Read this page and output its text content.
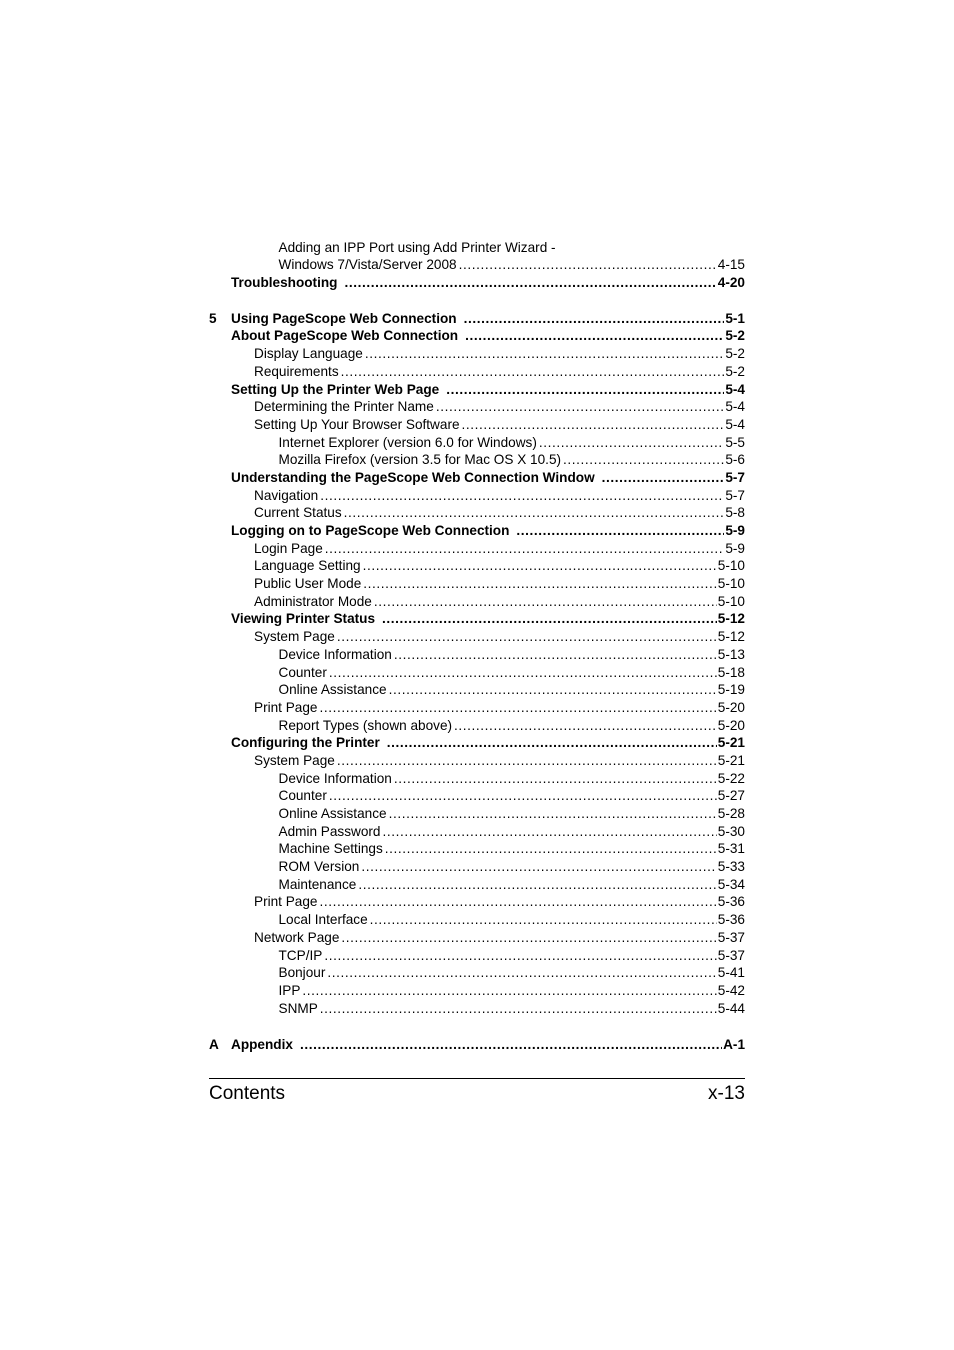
Adding an IPP Port using Add Printer Wizard -
Windows 7/Vista/Server 2008 .....	4-15
Troubleshooting .....	4-20
5 Using PageScope Web Connection .....	5-1
About PageScope Web Connection .....	5-2
Display Language .....	5-2
Requirements .....	5-2
Setting Up the Printer Web Page .....	5-4
Determining the Printer Name .....	5-4
Setting Up Your Browser Software .....	5-4
Internet Explorer (version 6.0 for Windows) .....	5-5
Mozilla Firefox (version 3.5 for Mac OS X 10.5) .....	5-6
Understanding the PageScope Web Connection Window .....	5-7
Navigation .....	5-7
Current Status .....	5-8
Logging on to PageScope Web Connection .....	5-9
Login Page .....	5-9
Language Setting .....	5-10
Public User Mode .....	5-10
Administrator Mode .....	5-10
Viewing Printer Status .....	5-12
System Page .....	5-12
Device Information .....	5-13
Counter .....	5-18
Online Assistance .....	5-19
Print Page .....	5-20
Report Types (shown above) .....	5-20
Configuring the Printer .....	5-21
System Page .....	5-21
Device Information .....	5-22
Counter .....	5-27
Online Assistance .....	5-28
Admin Password .....	5-30
Machine Settings .....	5-31
ROM Version .....	5-33
Maintenance .....	5-34
Print Page .....	5-36
Local Interface .....	5-36
Network Page .....	5-37
TCP/IP .....	5-37
Bonjour .....	5-41
IPP .....	5-42
SNMP .....	5-44
A Appendix .....	A-1
Contents	x-13
